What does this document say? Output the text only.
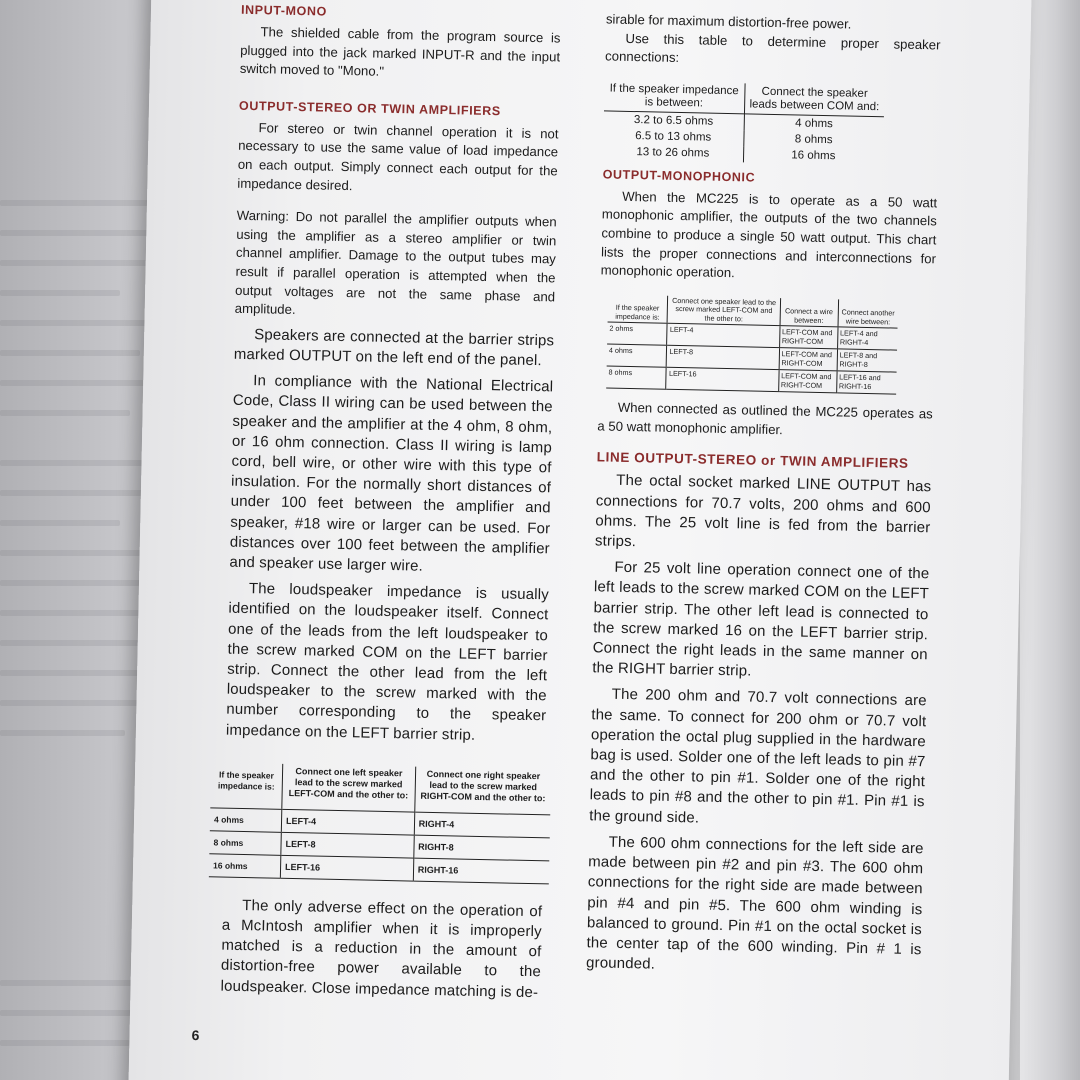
INPUT-MONO

The shielded cable from the program source is plugged into the jack marked INPUT-R and the input switch moved to "Mono."

OUTPUT-STEREO OR TWIN AMPLIFIERS

For stereo or twin channel operation it is not necessary to use the same value of load impedance on each output. Simply connect each output for the impedance desired.

Warning: Do not parallel the amplifier outputs when using the amplifier as a stereo amplifier or twin channel amplifier. Damage to the output tubes may result if parallel operation is attempted when the output voltages are not the same phase and amplitude.

Speakers are connected at the barrier strips marked OUTPUT on the left end of the panel.

In compliance with the National Electrical Code, Class II wiring can be used between the speaker and the amplifier at the 4 ohm, 8 ohm, or 16 ohm connection. Class II wiring is lamp cord, bell wire, or other wire with this type of insulation. For the normally short distances of under 100 feet between the amplifier and speaker, #18 wire or larger can be used. For distances over 100 feet between the amplifier and speaker use larger wire.

The loudspeaker impedance is usually identified on the loudspeaker itself. Connect one of the leads from the left loudspeaker to the screw marked COM on the LEFT barrier strip. Connect the other lead from the left loudspeaker to the screw marked with the number corresponding to the speaker impedance on the LEFT barrier strip.

If the speaker impedance is:	Connect one left speaker lead to the screw marked LEFT-COM and the other to:	Connect one right speaker lead to the screw marked RIGHT-COM and the other to:
4 ohms	LEFT-4	RIGHT-4
8 ohms	LEFT-8	RIGHT-8
16 ohms	LEFT-16	RIGHT-16

The only adverse effect on the operation of a McIntosh amplifier when it is improperly matched is a reduction in the amount of distortion-free power available to the loudspeaker. Close impedance matching is de-

sirable for maximum distortion-free power.

Use this table to determine proper speaker connections:

If the speaker impedance is between:	Connect the speaker leads between COM and:
3.2 to 6.5 ohms	4 ohms
6.5 to 13 ohms	8 ohms
13 to 26 ohms	16 ohms
OUTPUT-MONOPHONIC

When the MC225 is to operate as a 50 watt monophonic amplifier, the outputs of the two channels combine to produce a single 50 watt output. This chart lists the proper connections and interconnections for monophonic operation.

If the speaker impedance is:	Connect one speaker lead to the screw marked LEFT-COM and the other to:	Connect a wire between:	Connect another wire between:
2 ohms	LEFT-4	LEFT-COM and RIGHT-COM	LEFT-4 and RIGHT-4
4 ohms	LEFT-8	LEFT-COM and RIGHT-COM	LEFT-8 and RIGHT-8
8 ohms	LEFT-16	LEFT-COM and RIGHT-COM	LEFT-16 and RIGHT-16

When connected as outlined the MC225 operates as a 50 watt monophonic amplifier.

LINE OUTPUT-STEREO or TWIN AMPLIFIERS

The octal socket marked LINE OUTPUT has connections for 70.7 volts, 200 ohms and 600 ohms. The 25 volt line is fed from the barrier strips.

For 25 volt line operation connect one of the left leads to the screw marked COM on the LEFT barrier strip. The other left lead is connected to the screw marked 16 on the LEFT barrier strip. Connect the right leads in the same manner on the RIGHT barrier strip.

The 200 ohm and 70.7 volt connections are the same. To connect for 200 ohm or 70.7 volt operation the octal plug supplied in the hardware bag is used. Solder one of the left leads to pin #7 and the other to pin #1. Solder one of the right leads to pin #8 and the other to pin #1. Pin #1 is the ground side.

The 600 ohm connections for the left side are made between pin #2 and pin #3. The 600 ohm connections for the right side are made between pin #4 and pin #5. The 600 ohm winding is balanced to ground. Pin #1 on the octal socket is the center tap of the 600 winding. Pin # 1 is grounded.

6
